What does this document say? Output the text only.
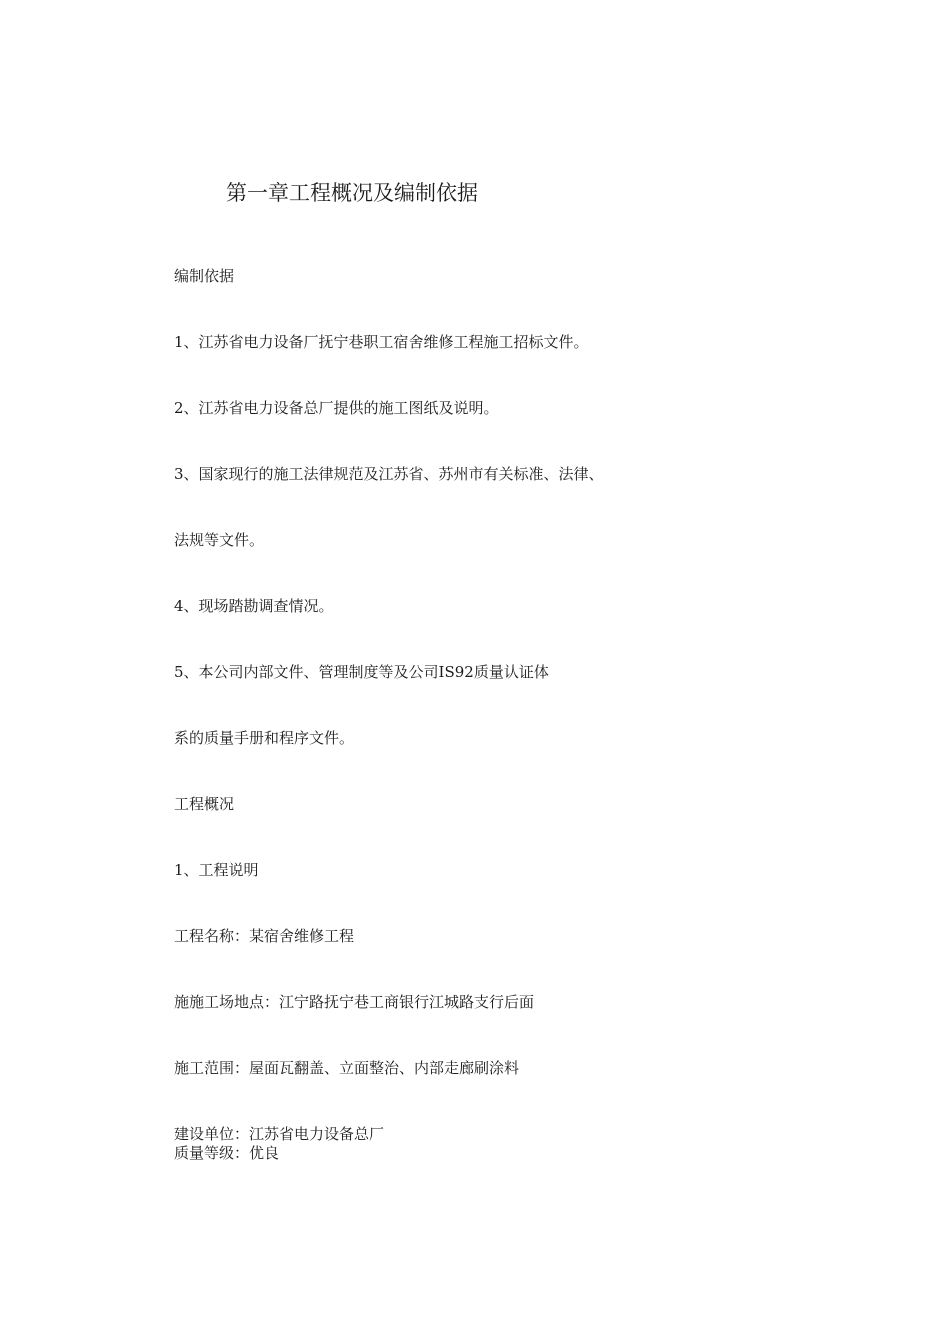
第一章工程概况及编制依据
编制依据
1、江苏省电力设备厂抚宁巷职工宿舍维修工程施工招标文件。
2、江苏省电力设备总厂提供的施工图纸及说明。
3、国家现行的施工法律规范及江苏省、苏州市有关标准、法律、
法规等文件。
4、现场踏勘调查情况。
5、本公司内部文件、管理制度等及公司IS92质量认证体
系的质量手册和程序文件。
工程概况
1、工程说明
工程名称：某宿舍维修工程
施施工场地点：江宁路抚宁巷工商银行江城路支行后面
施工范围：屋面瓦翻盖、立面整治、内部走廊刷涂料
建设单位：江苏省电力设备总厂
质量等级：优良
